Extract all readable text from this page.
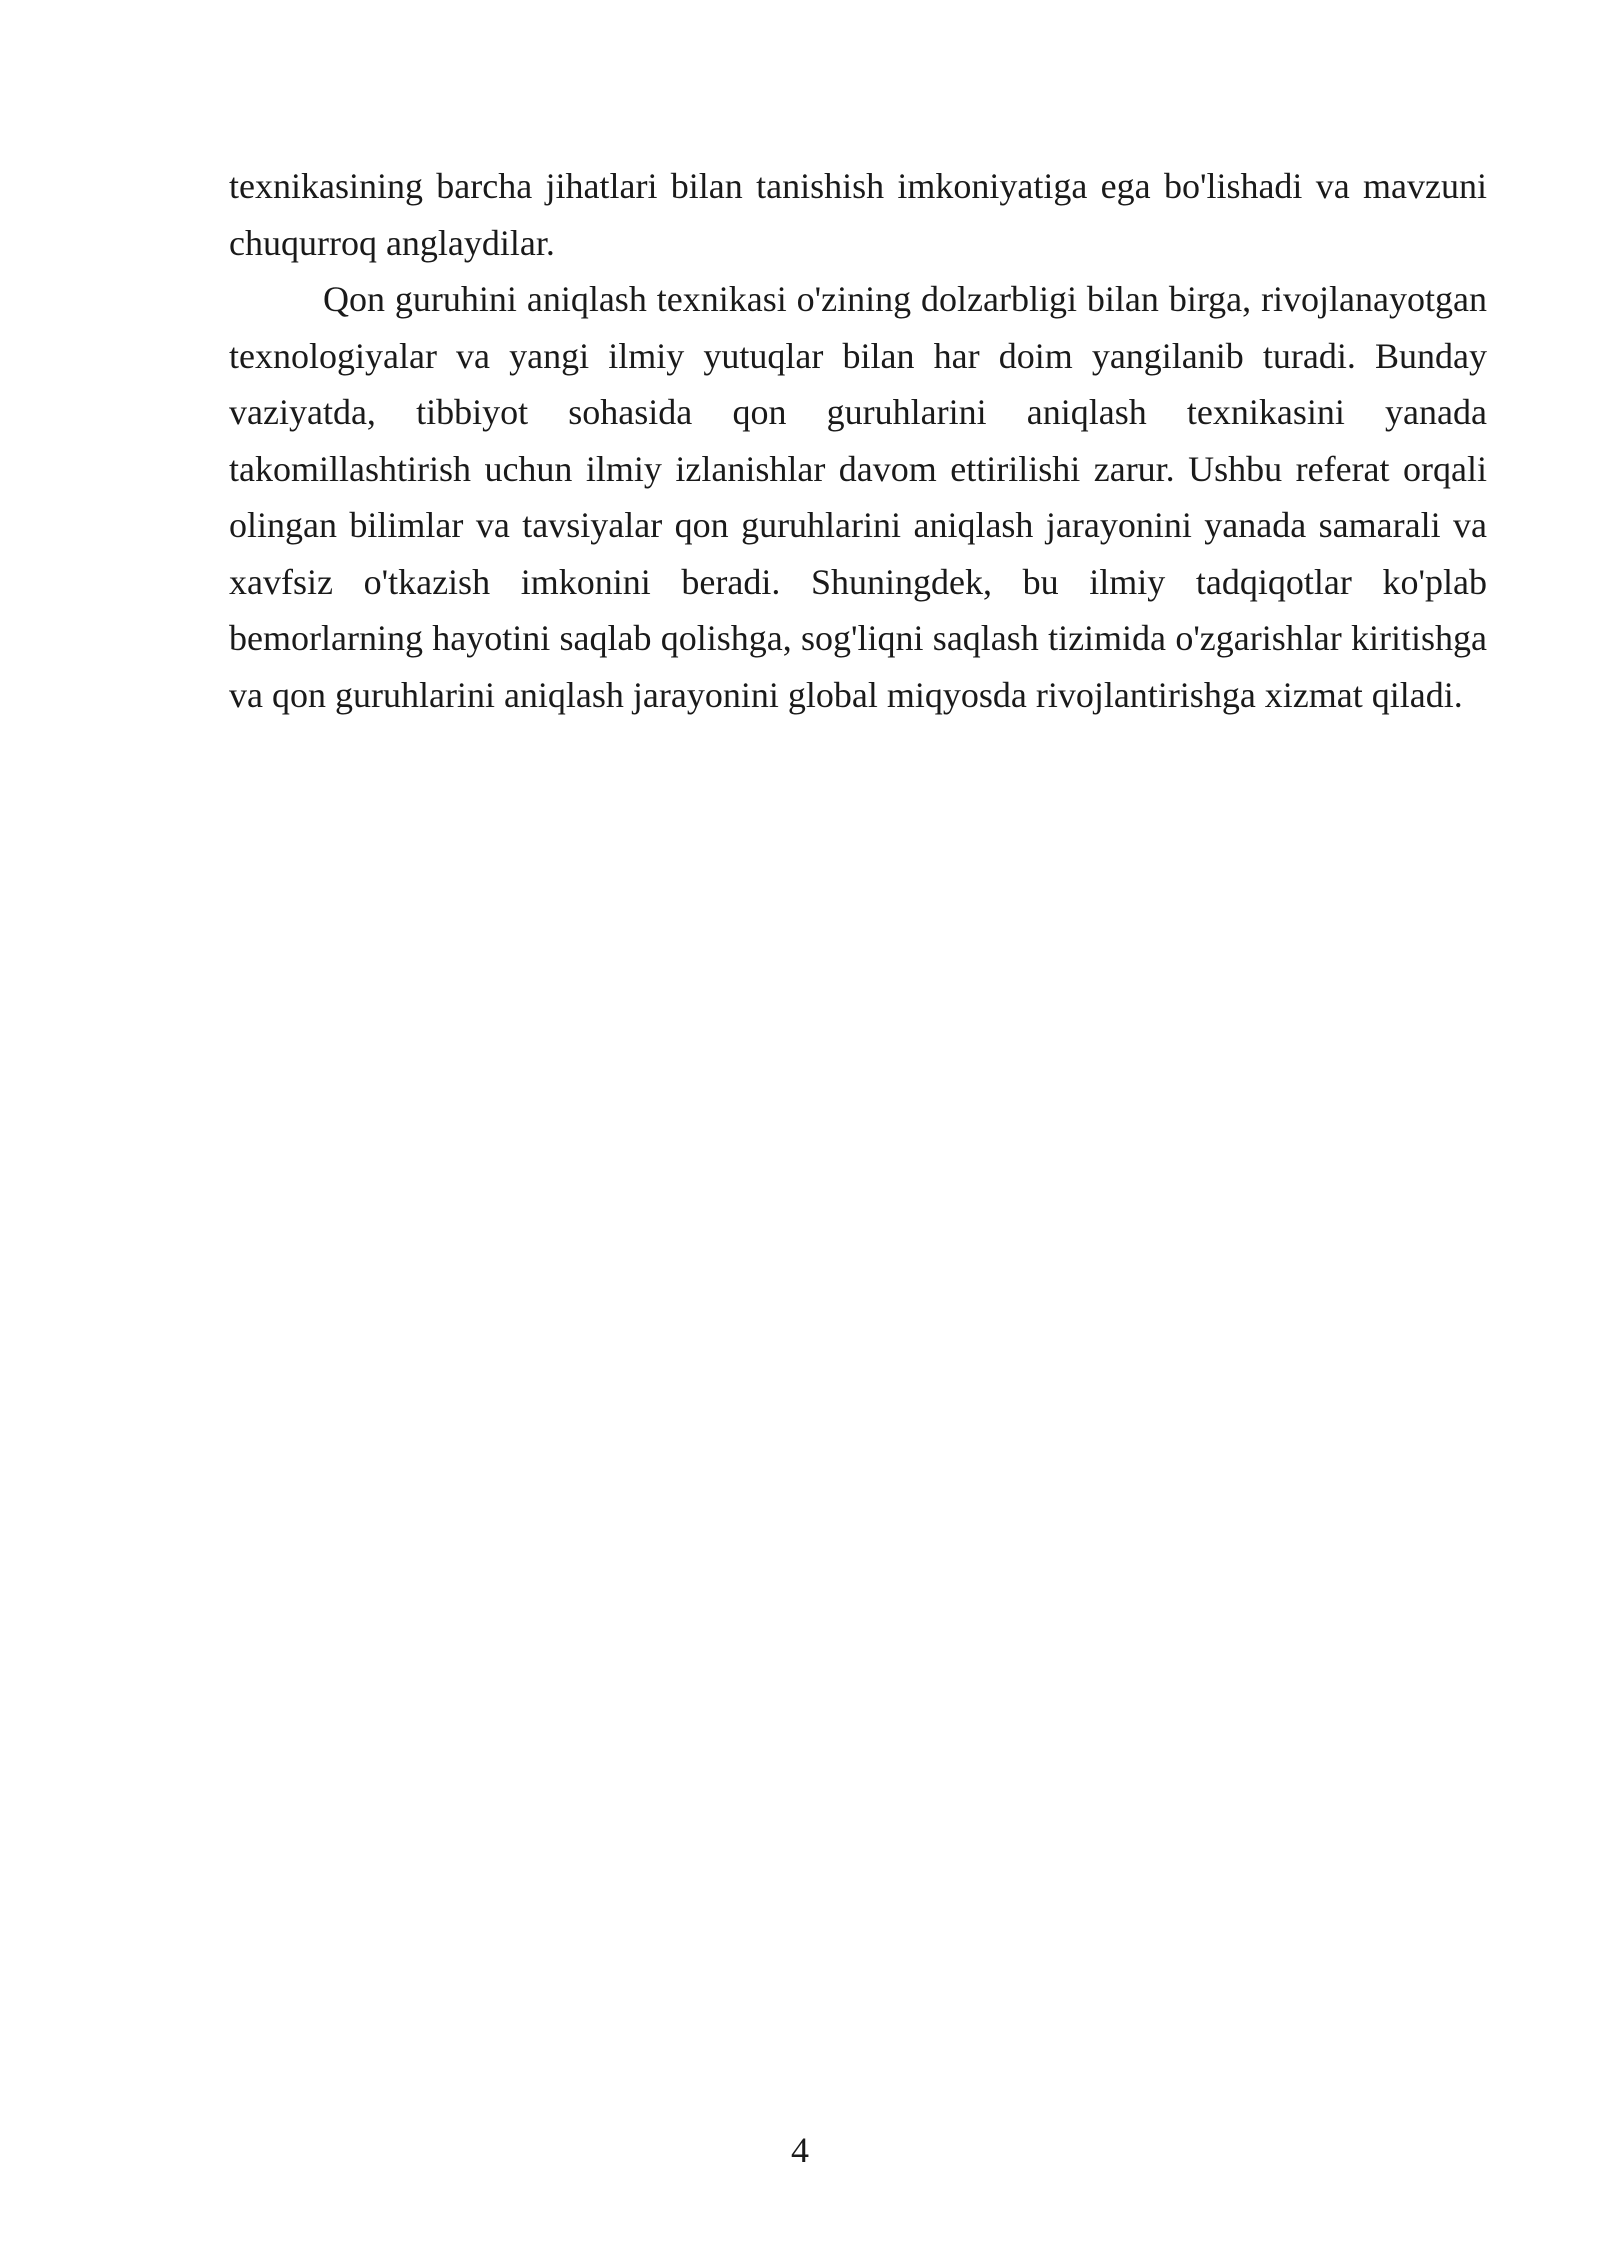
texnikasining barcha jihatlari bilan tanishish imkoniyatiga ega bo'lishadi va mavzuni chuqurroq anglaydilar.

Qon guruhini aniqlash texnikasi o'zining dolzarbligi bilan birga, rivojlanayotgan texnologiyalar va yangi ilmiy yutuqlar bilan har doim yangilanib turadi. Bunday vaziyatda, tibbiyot sohasida qon guruhlarini aniqlash texnikasini yanada takomillashtirish uchun ilmiy izlanishlar davom ettirilishi zarur. Ushbu referat orqali olingan bilimlar va tavsiyalar qon guruhlarini aniqlash jarayonini yanada samarali va xavfsiz o'tkazish imkonini beradi. Shuningdek, bu ilmiy tadqiqotlar ko'plab bemorlarning hayotini saqlab qolishga, sog'liqni saqlash tizimida o'zgarishlar kiritishga va qon guruhlarini aniqlash jarayonini global miqyosda rivojlantirishga xizmat qiladi.

4
